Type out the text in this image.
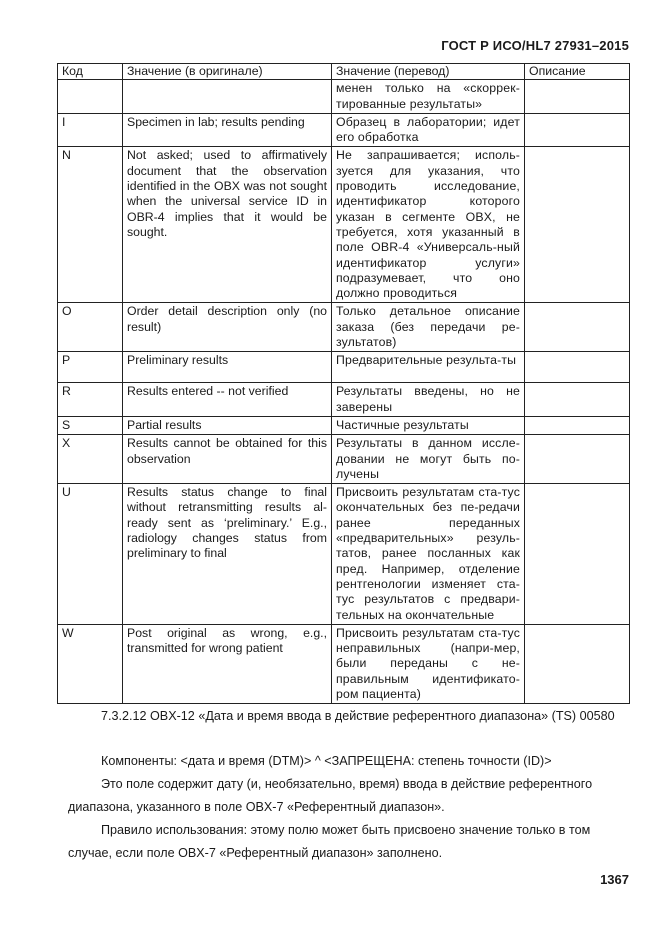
ГОСТ Р ИСО/HL7 27931–2015
Код	Значение (в оригинале)	Значение (перевод)	Описание
		менен только на «скоррек-тированные результаты»	
I	Specimen in lab; results pending	Образец в лаборатории; идет его обработка	
N	Not asked; used to affirmatively document that the observation identified in the OBX was not sought when the universal service ID in OBR-4 implies that it would be sought.	Не запрашивается; исполь-зуется для указания, что проводить исследование, идентификатор которого указан в сегменте OBX, не требуется, хотя указанный в поле OBR-4 «Универсаль-ный идентификатор услуги» подразумевает, что оно должно проводиться	
O	Order detail description only (no result)	Только детальное описание заказа (без передачи ре-зультатов)	
P	Preliminary results	Предварительные результа-ты	
R	Results entered -- not verified	Результаты введены, но не заверены	
S	Partial results	Частичные результаты	
X	Results cannot be obtained for this observation	Результаты в данном иссле-довании не могут быть по-лучены	
U	Results status change to final without retransmitting results al-ready sent as ‘preliminary.’ E.g., radiology changes status from preliminary to final	Присвоить результатам ста-тус окончательных без пе-редачи ранее переданных «предварительных» резуль-татов, ранее посланных как пред. Например, отделение рентгенологии изменяет ста-тус результатов с предвари-тельных на окончательные	
W	Post original as wrong, e.g., transmitted for wrong patient	Присвоить результатам ста-тус неправильных (напри-мер, были переданы с не-правильным идентификато-ром пациента)	
7.3.2.12 OBX-12 «Дата и время ввода в действие референтного диапазона» (TS) 00580
Компоненты: <дата и время (DTM)> ^ <ЗАПРЕЩЕНА: степень точности (ID)>
Это поле содержит дату (и, необязательно, время) ввода в действие референтного диапазона, указанного в поле OBX-7 «Референтный диапазон».
Правило использования: этому полю может быть присвоено значение только в том случае, если поле OBX-7 «Референтный диапазон» заполнено.
1367
